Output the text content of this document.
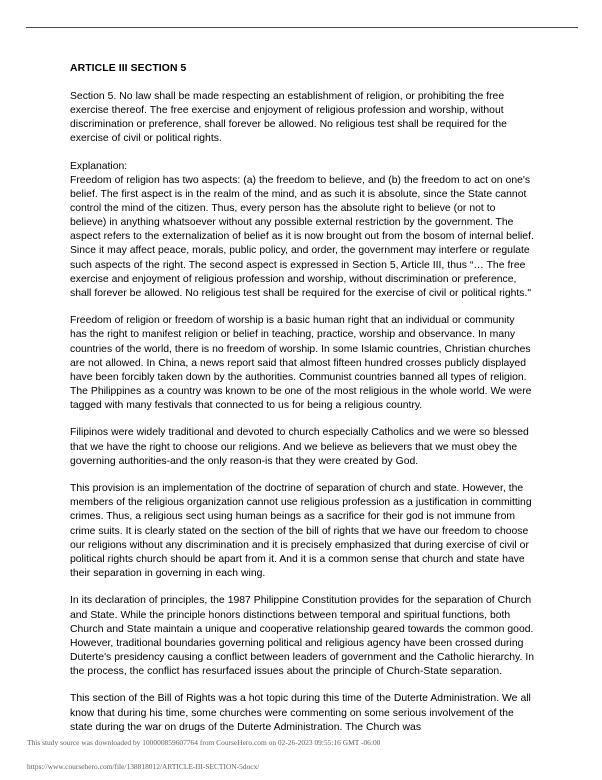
ARTICLE III SECTION 5

Section 5. No law shall be made respecting an establishment of religion, or prohibiting the free exercise thereof. The free exercise and enjoyment of religious profession and worship, without discrimination or preference, shall forever be allowed. No religious test shall be required for the exercise of civil or political rights.

Explanation:

Freedom of religion has two aspects: (a) the freedom to believe, and (b) the freedom to act on one's belief. The first aspect is in the realm of the mind, and as such it is absolute, since the State cannot control the mind of the citizen. Thus, every person has the absolute right to believe (or not to believe) in anything whatsoever without any possible external restriction by the government. The aspect refers to the externalization of belief as it is now brought out from the bosom of internal belief. Since it may affect peace, morals, public policy, and order, the government may interfere or regulate such aspects of the right. The second aspect is expressed in Section 5, Article III, thus “… The free exercise and enjoyment of religious profession and worship, without discrimination or preference, shall forever be allowed. No religious test shall be required for the exercise of civil or political rights."

Freedom of religion or freedom of worship is a basic human right that an individual or community has the right to manifest religion or belief in teaching, practice, worship and observance. In many countries of the world, there is no freedom of worship. In some Islamic countries, Christian churches are not allowed. In China, a news report said that almost fifteen hundred crosses publicly displayed have been forcibly taken down by the authorities. Communist countries banned all types of religion. The Philippines as a country was known to be one of the most religious in the whole world. We were tagged with many festivals that connected to us for being a religious country.

Filipinos were widely traditional and devoted to church especially Catholics and we were so blessed that we have the right to choose our religions. And we believe as believers that we must obey the governing authorities-and the only reason-is that they were created by God.

This provision is an implementation of the doctrine of separation of church and state. However, the members of the religious organization cannot use religious profession as a justification in committing crimes. Thus, a religious sect using human beings as a sacrifice for their god is not immune from crime suits. It is clearly stated on the section of the bill of rights that we have our freedom to choose our religions without any discrimination and it is precisely emphasized that during exercise of civil or political rights church should be apart from it. And it is a common sense that church and state have their separation in governing in each wing.

In its declaration of principles, the 1987 Philippine Constitution provides for the separation of Church and State. While the principle honors distinctions between temporal and spiritual functions, both Church and State maintain a unique and cooperative relationship geared towards the common good. However, traditional boundaries governing political and religious agency have been crossed during Duterte's presidency causing a conflict between leaders of government and the Catholic hierarchy. In the process, the conflict has resurfaced issues about the principle of Church-State separation.

This section of the Bill of Rights was a hot topic during this time of the Duterte Administration. We all know that during his time, some churches were commenting on some serious involvement of the state during the war on drugs of the Duterte Administration. The Church was

This study source was downloaded by 100000859607764 from CourseHero.com on 02-26-2023 09:55:16 GMT -06:00
https://www.coursehero.com/file/138818012/ARTICLE-III-SECTION-5docx/
